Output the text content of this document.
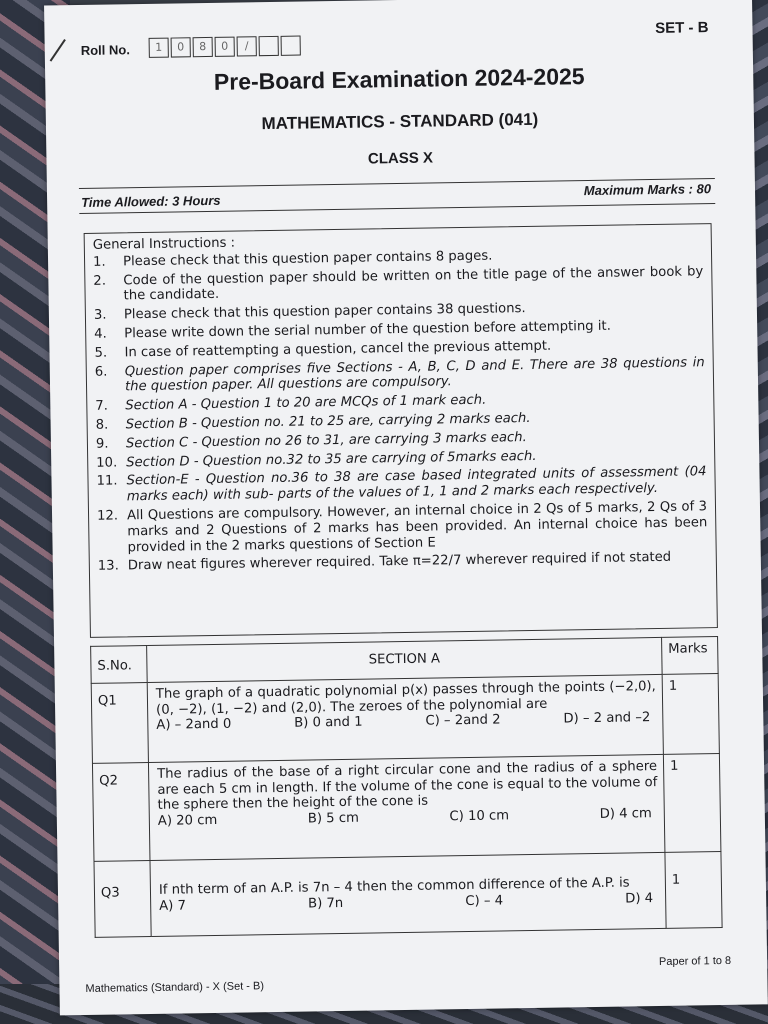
Roll No.	1	0	8	0	/
SET - B
Pre-Board Examination 2024-2025
MATHEMATICS - STANDARD (041)
CLASS X
Time Allowed: 3 Hours
Maximum Marks : 80
General Instructions :
1.	Please check that this question paper contains 8 pages.
2.	Code of the question paper should be written on the title page of the answer book by the candidate.
3.	Please check that this question paper contains 38 questions.
4.	Please write down the serial number of the question before attempting it.
5.	In case of reattempting a question, cancel the previous attempt.
6.	Question paper comprises five Sections - A, B, C, D and E. There are 38 questions in the question paper. All questions are compulsory.
7.	Section A - Question 1 to 20 are MCQs of 1 mark each.
8.	Section B - Question no. 21 to 25 are, carrying 2 marks each.
9.	Section C - Question no 26 to 31, are carrying 3 marks each.
10. Section D - Question no.32 to 35 are carrying of 5marks each.
11. Section-E - Question no.36 to 38 are case based integrated units of assessment (04 marks each) with sub- parts of the values of 1, 1 and 2 marks each respectively.
12. All Questions are compulsory. However, an internal choice in 2 Qs of 5 marks, 2 Qs of 3 marks and 2 Questions of 2 marks has been provided. An internal choice has been provided in the 2 marks questions of Section E
13. Draw neat figures wherever required. Take π=22/7 wherever required if not stated
S.No.	SECTION A	Marks
Q1	The graph of a quadratic polynomial p(x) passes through the points (−2,0),(0, −2), (1, −2) and (2,0). The zeroes of the polynomial are
A) – 2and 0 B) 0 and 1 C) – 2and 2 D) – 2 and –2	1
Q2	The radius of the base of a right circular cone and the radius of a sphere are each 5 cm in length. If the volume of the cone is equal to the volume of the sphere then the height of the cone is
A) 20 cm B) 5 cm C) 10 cm D) 4 cm	1
Q3	If nth term of an A.P. is 7n – 4 then the common difference of the A.P. is
A) 7 B) 7n C) – 4 D) 4	1
Paper of 1 to 8
Mathematics (Standard) - X (Set - B)
